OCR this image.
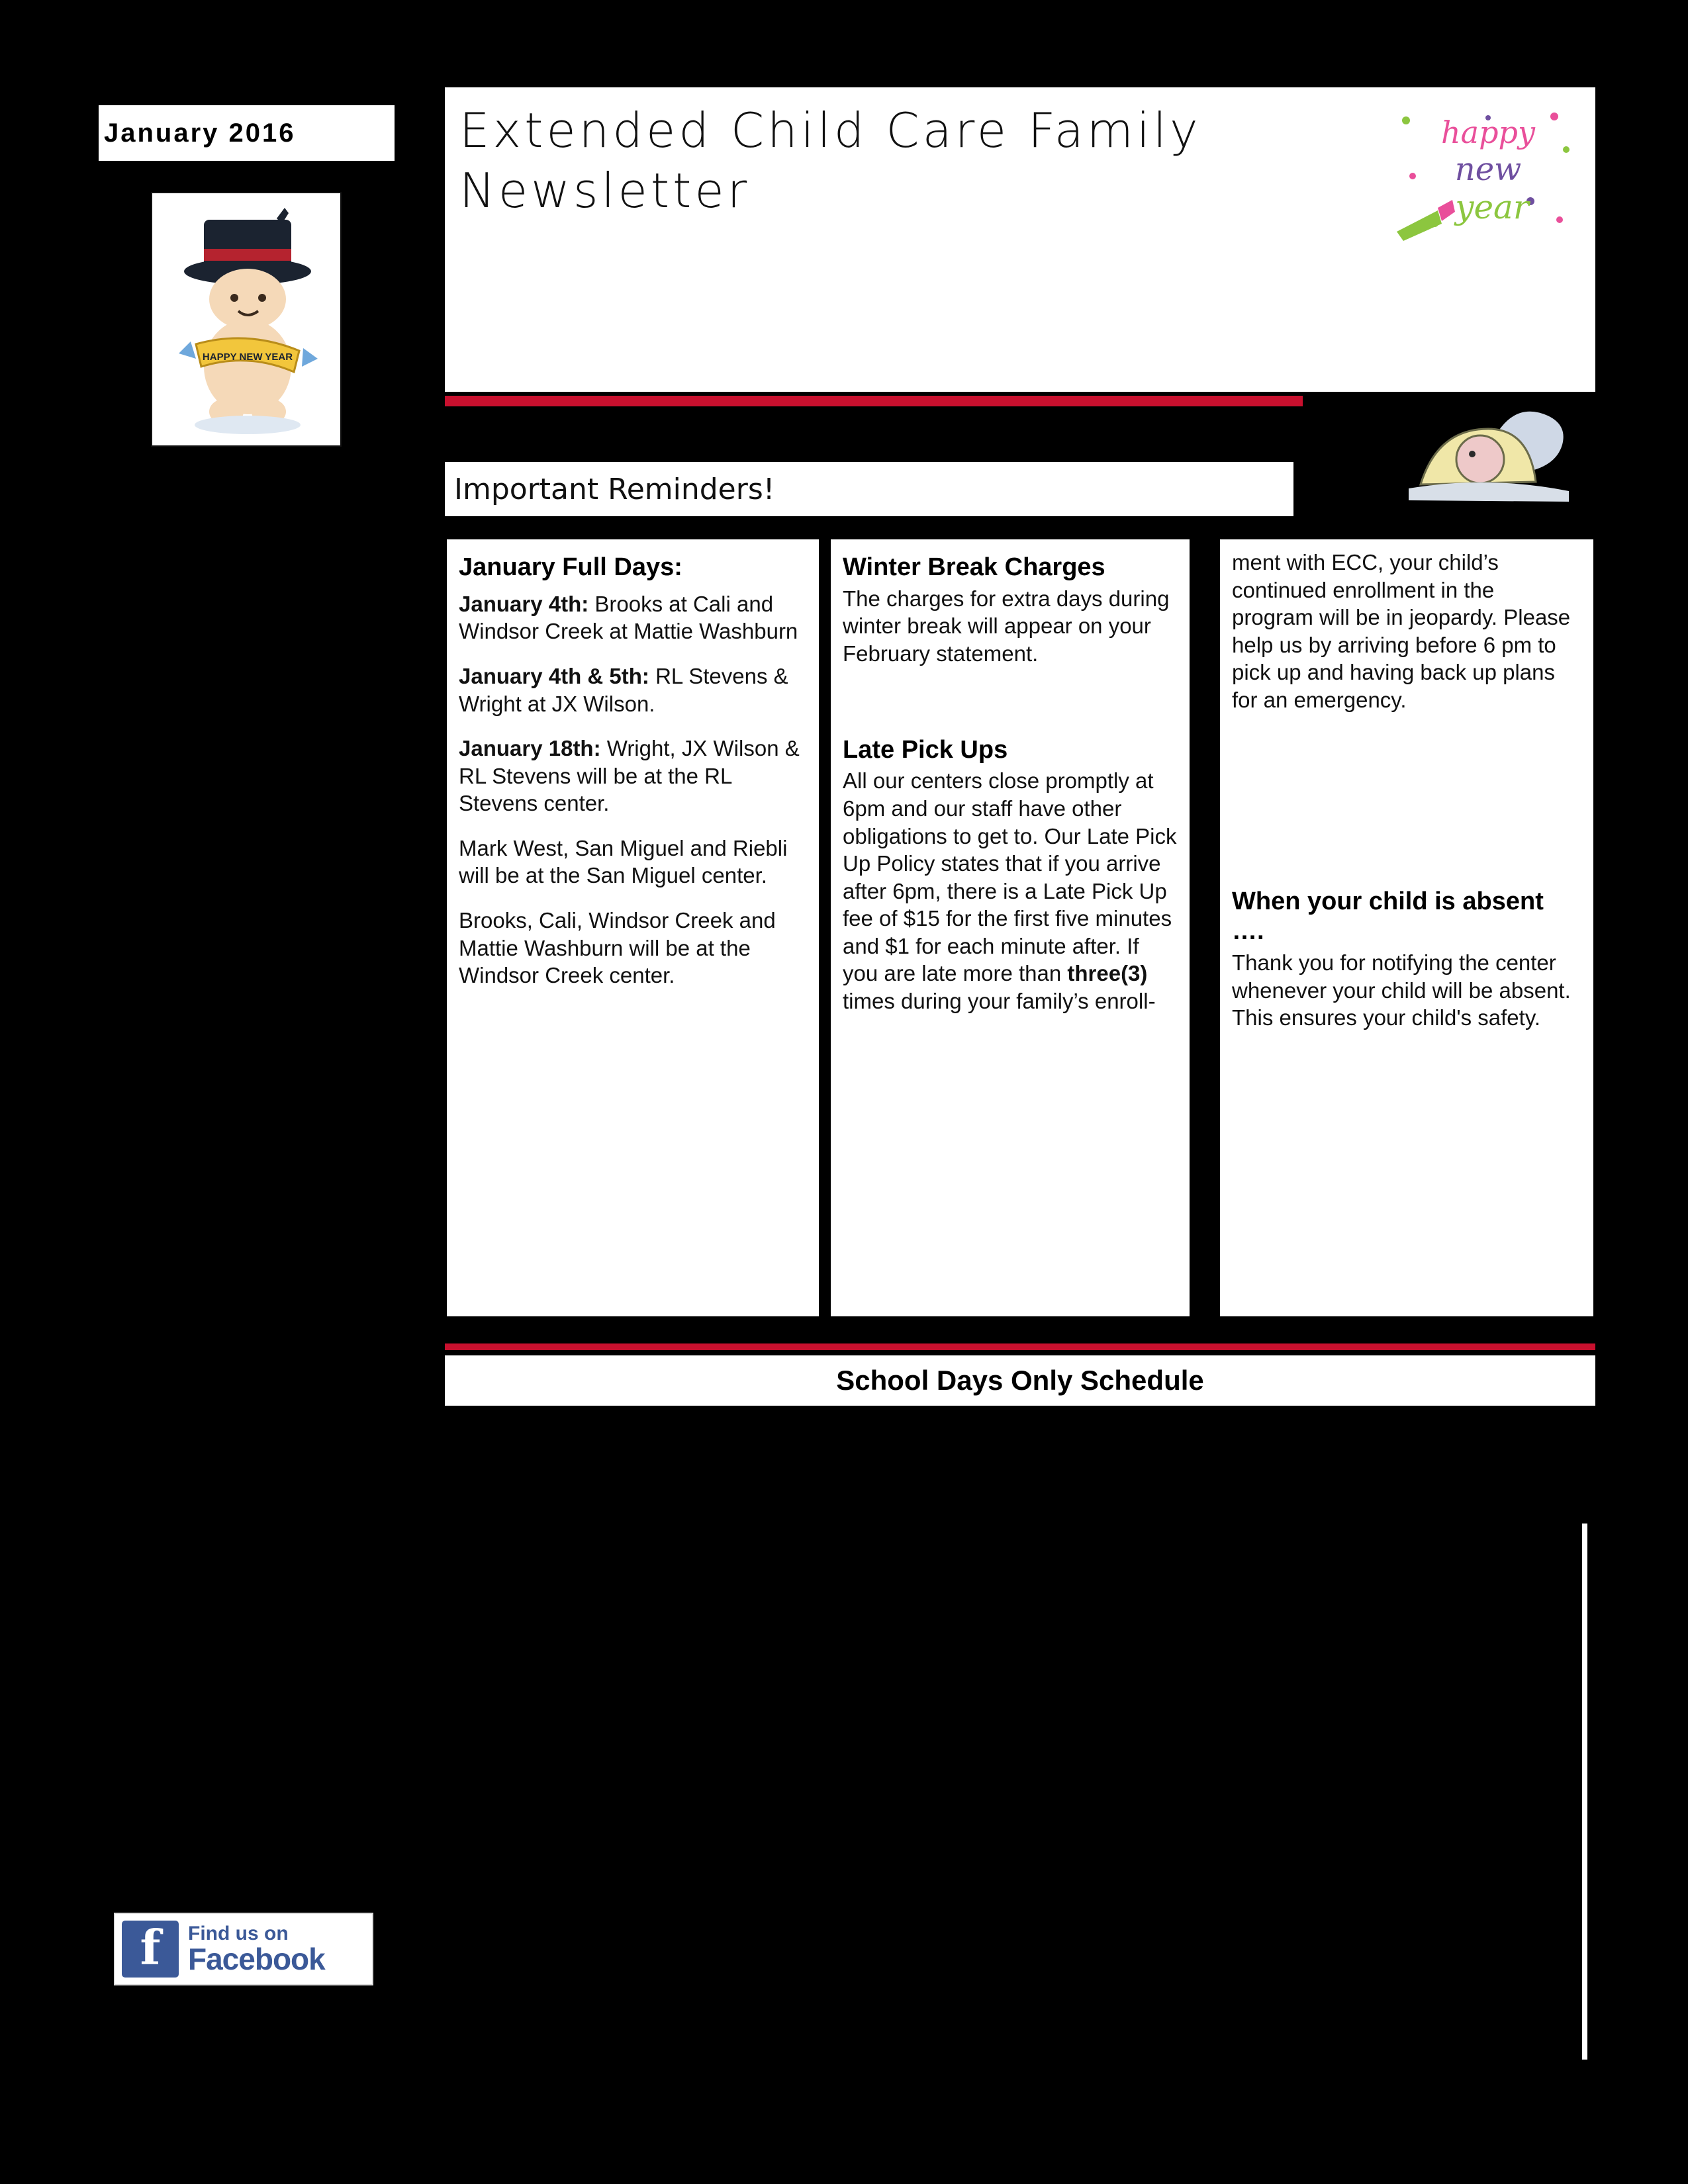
January 2016
HAPPY NEW YEAR
Extended Child Care Family Newsletter
happy
new
year
Important Reminders!
January Full Days:

January 4th: Brooks at Cali and Windsor Creek at Mattie Washburn

January 4th & 5th: RL Stevens & Wright at JX Wilson.

January 18th: Wright, JX Wilson & RL Stevens will be at the RL Stevens center.

Mark West, San Miguel and Riebli will be at the San Miguel center.

Brooks, Cali, Windsor Creek and Mattie Washburn will be at the Windsor Creek center.

Winter Break Charges

The charges for extra days during winter break will appear on your February statement.

Late Pick Ups

All our centers close promptly at 6pm and our staff have other obligations to get to. Our Late Pick Up Policy states that if you arrive after 6pm, there is a Late Pick Up fee of $15 for the first five minutes and $1 for each minute after. If you are late more than three(3) times during your family’s enroll-

ment with ECC, your child’s continued enrollment in the program will be in jeopardy. Please help us by arriving before 6 pm to pick up and having back up plans for an emergency.

When your child is absent ….

Thank you for notifying the center whenever your child will be absent. This ensures your child's safety.

School Days Only Schedule
f	Find us on
Facebook
